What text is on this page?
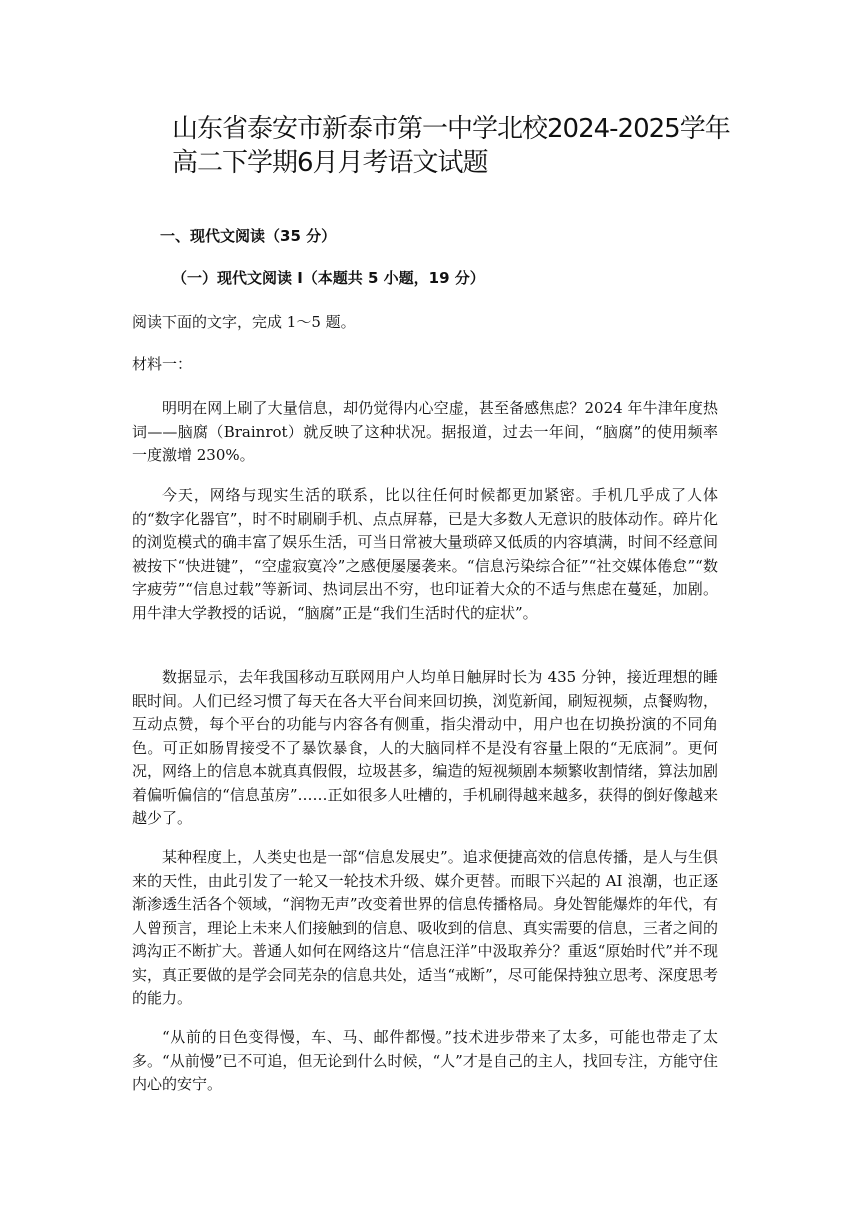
山东省泰安市新泰市第一中学北校2024-2025学年
高二下学期6月月考语文试题
一、现代文阅读（35 分）
（一）现代文阅读 I（本题共 5 小题，19 分）
阅读下面的文字，完成 1～5 题。
材料一：

明明在网上刷了大量信息，却仍觉得内心空虚，甚至备感焦虑？2024 年牛津年度热词——脑腐（Brainrot）就反映了这种状况。据报道，过去一年间，“脑腐”的使用频率一度激增 230%。

今天，网络与现实生活的联系，比以往任何时候都更加紧密。手机几乎成了人体的“数字化器官”，时不时刷刷手机、点点屏幕，已是大多数人无意识的肢体动作。碎片化的浏览模式的确丰富了娱乐生活，可当日常被大量琐碎又低质的内容填满，时间不经意间被按下“快进键”，“空虚寂寞冷”之感便屡屡袭来。“信息污染综合征”“社交媒体倦怠”“数字疲劳”“信息过载”等新词、热词层出不穷，也印证着大众的不适与焦虑在蔓延，加剧。用牛津大学教授的话说，“脑腐”正是“我们生活时代的症状”。

数据显示，去年我国移动互联网用户人均单日触屏时长为 435 分钟，接近理想的睡眠时间。人们已经习惯了每天在各大平台间来回切换，浏览新闻，刷短视频，点餐购物，互动点赞，每个平台的功能与内容各有侧重，指尖滑动中，用户也在切换扮演的不同角色。可正如肠胃接受不了暴饮暴食，人的大脑同样不是没有容量上限的“无底洞”。更何况，网络上的信息本就真真假假，垃圾甚多，编造的短视频剧本频繁收割情绪，算法加剧着偏听偏信的“信息茧房”……正如很多人吐槽的，手机刷得越来越多，获得的倒好像越来越少了。

某种程度上，人类史也是一部“信息发展史”。追求便捷高效的信息传播，是人与生俱来的天性，由此引发了一轮又一轮技术升级、媒介更替。而眼下兴起的 AI 浪潮，也正逐渐渗透生活各个领域，“润物无声”改变着世界的信息传播格局。身处智能爆炸的年代，有人曾预言，理论上未来人们接触到的信息、吸收到的信息、真实需要的信息，三者之间的鸿沟正不断扩大。普通人如何在网络这片“信息汪洋”中汲取养分？重返“原始时代”并不现实，真正要做的是学会同芜杂的信息共处，适当“戒断”，尽可能保持独立思考、深度思考的能力。

“从前的日色变得慢，车、马、邮件都慢。”技术进步带来了太多，可能也带走了太多。“从前慢”已不可追，但无论到什么时候，“人”才是自己的主人，找回专注，方能守住内心的安宁。
